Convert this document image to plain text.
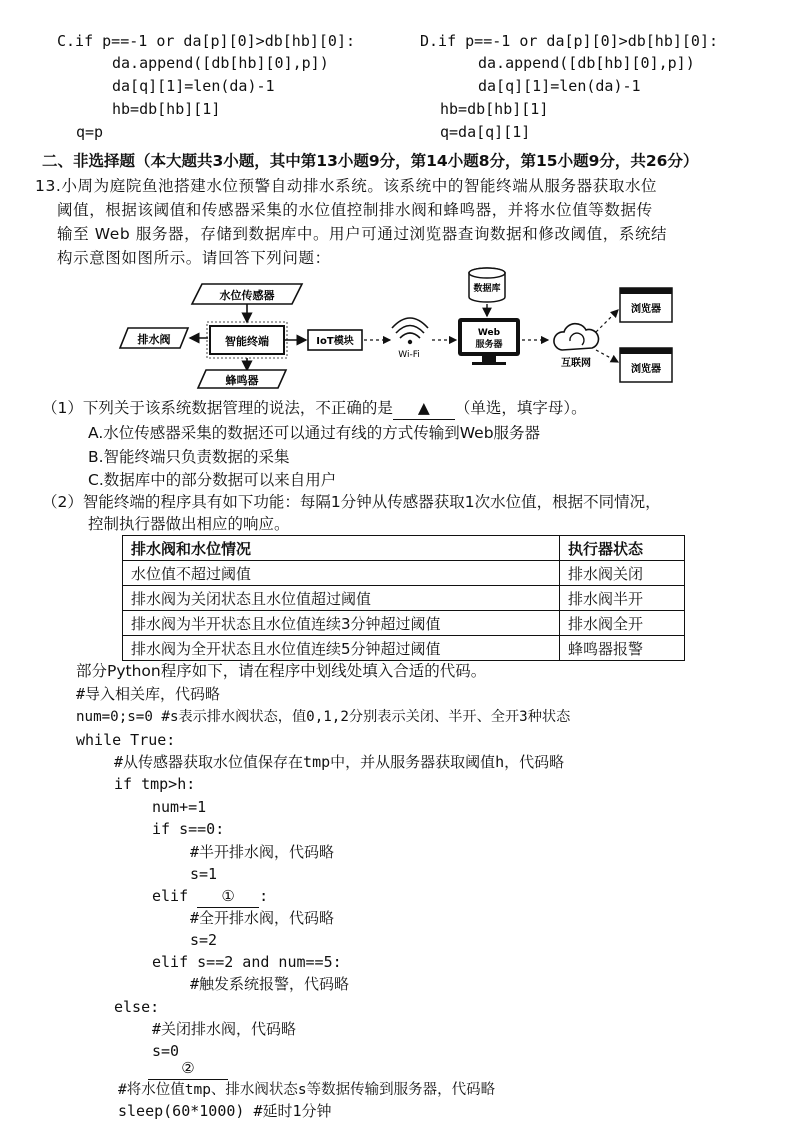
C.if p==-1 or da[p][0]>db[hb][0]:
da.append([db[hb][0],p])
da[q][1]=len(da)-1
hb=db[hb][1]
q=p
D.if p==-1 or da[p][0]>db[hb][0]:
da.append([db[hb][0],p])
da[q][1]=len(da)-1
hb=db[hb][1]
q=da[q][1]
二、非选择题（本大题共3小题，其中第13小题9分，第14小题8分，第15小题9分，共26分）
13.小周为庭院鱼池搭建水位预警自动排水系统。该系统中的智能终端从服务器获取水位
阈值，根据该阈值和传感器采集的水位值控制排水阀和蜂鸣器，并将水位值等数据传
输至 Web 服务器，存储到数据库中。用户可通过浏览器查询数据和修改阈值，系统结
构示意图如图所示。请回答下列问题：
水位传感器
排水阀	智能终端	IoT模块
蜂鸣器
Wi-Fi
数据库
Web
服务器
互联网
浏览器
浏览器
（1）下列关于该系统数据管理的说法，不正确的是 ▲ （单选，填字母）。
A.水位传感器采集的数据还可以通过有线的方式传输到Web服务器
B.智能终端只负责数据的采集
C.数据库中的部分数据可以来自用户
（2）智能终端的程序具有如下功能：每隔1分钟从传感器获取1次水位值，根据不同情况，
控制执行器做出相应的响应。
排水阀和水位情况	执行器状态
水位值不超过阈值	排水阀关闭
排水阀为关闭状态且水位值超过阈值	排水阀半开
排水阀为半开状态且水位值连续3分钟超过阈值	排水阀全开
排水阀为全开状态且水位值连续5分钟超过阈值	蜂鸣器报警
部分Python程序如下，请在程序中划线处填入合适的代码。
#导入相关库，代码略
num=0;s=0 #s表示排水阀状态，值0,1,2分别表示关闭、半开、全开3种状态
while True:
#从传感器获取水位值保存在tmp中，并从服务器获取阈值h，代码略
if tmp>h:
num+=1
if s==0:
#半开排水阀，代码略
s=1
elif ① :
#全开排水阀，代码略
s=2
elif s==2 and num==5:
#触发系统报警，代码略
else:
#关闭排水阀，代码略
s=0
②
#将水位值tmp、排水阀状态s等数据传输到服务器，代码略
sleep(60*1000) #延时1分钟
